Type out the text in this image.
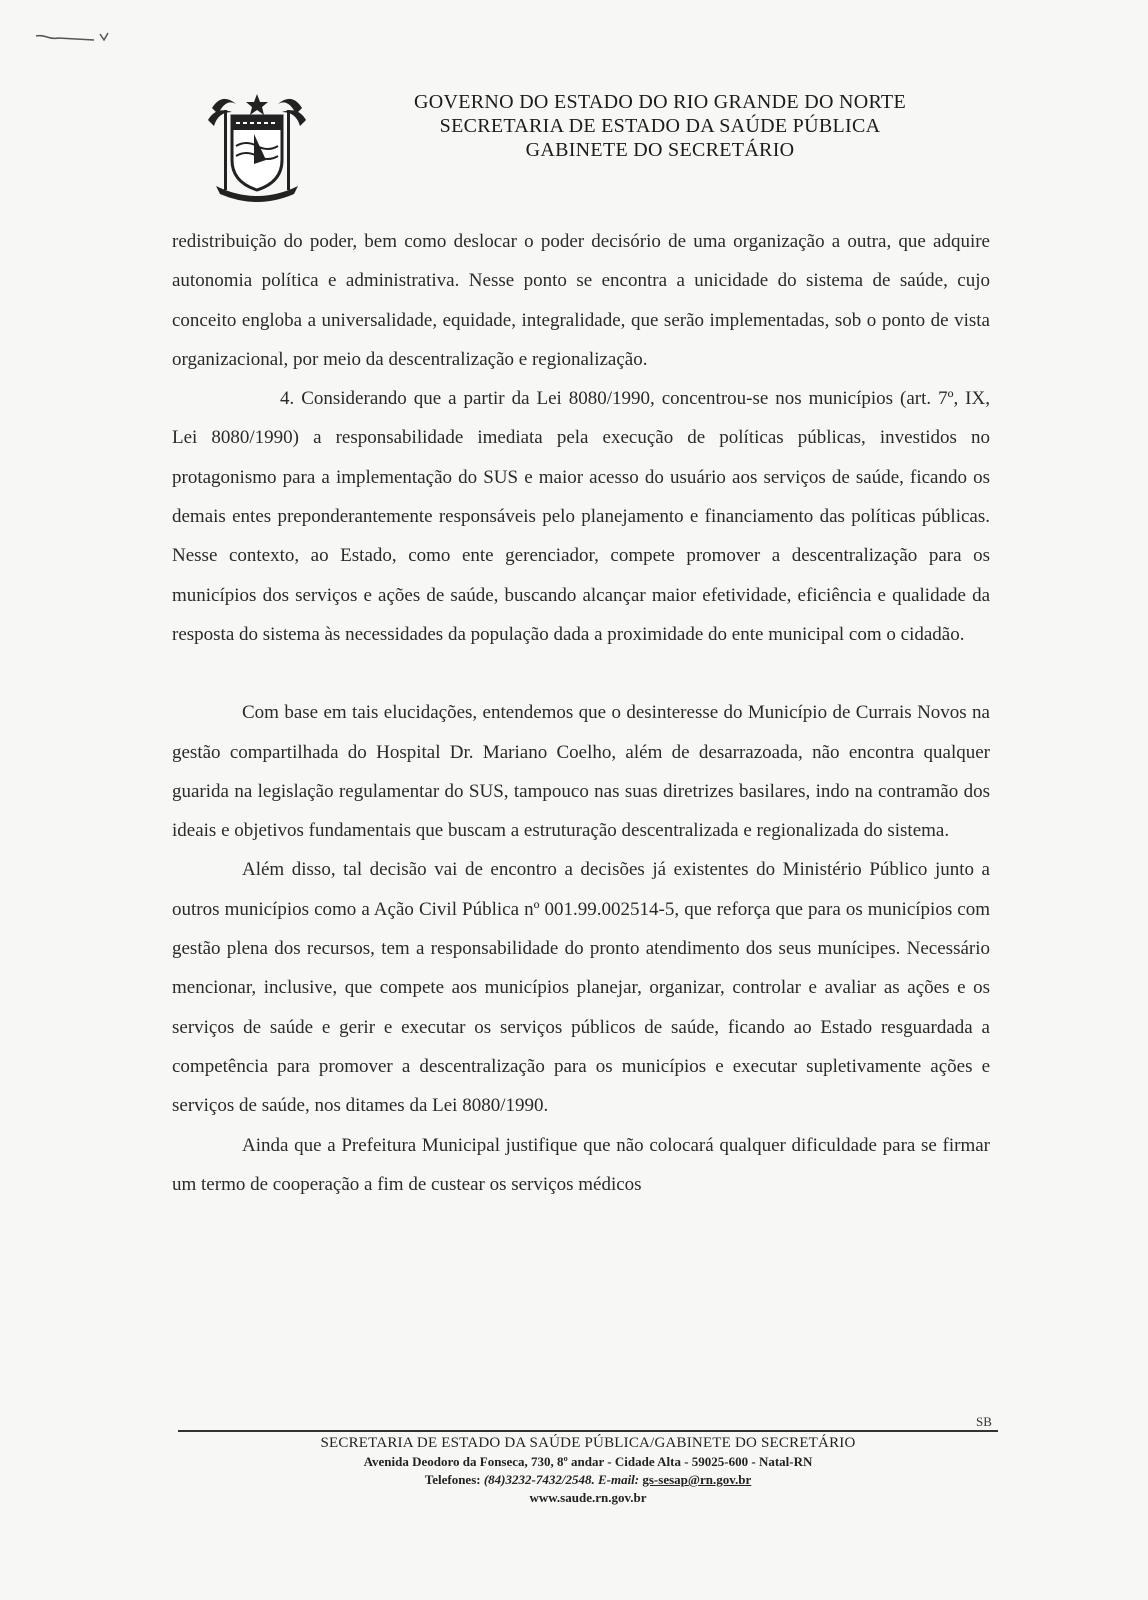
GOVERNO DO ESTADO DO RIO GRANDE DO NORTE
SECRETARIA DE ESTADO DA SAÚDE PÚBLICA
GABINETE DO SECRETÁRIO

redistribuição do poder, bem como deslocar o poder decisório de uma organização a outra, que adquire autonomia política e administrativa. Nesse ponto se encontra a unicidade do sistema de saúde, cujo conceito engloba a universalidade, equidade, integralidade, que serão implementadas, sob o ponto de vista organizacional, por meio da descentralização e regionalização.

4. Considerando que a partir da Lei 8080/1990, concentrou-se nos municípios (art. 7º, IX, Lei 8080/1990) a responsabilidade imediata pela execução de políticas públicas, investidos no protagonismo para a implementação do SUS e maior acesso do usuário aos serviços de saúde, ficando os demais entes preponderantemente responsáveis pelo planejamento e financiamento das políticas públicas. Nesse contexto, ao Estado, como ente gerenciador, compete promover a descentralização para os municípios dos serviços e ações de saúde, buscando alcançar maior efetividade, eficiência e qualidade da resposta do sistema às necessidades da população dada a proximidade do ente municipal com o cidadão.

Com base em tais elucidações, entendemos que o desinteresse do Município de Currais Novos na gestão compartilhada do Hospital Dr. Mariano Coelho, além de desarrazoada, não encontra qualquer guarida na legislação regulamentar do SUS, tampouco nas suas diretrizes basilares, indo na contramão dos ideais e objetivos fundamentais que buscam a estruturação descentralizada e regionalizada do sistema.

Além disso, tal decisão vai de encontro a decisões já existentes do Ministério Público junto a outros municípios como a Ação Civil Pública nº 001.99.002514-5, que reforça que para os municípios com gestão plena dos recursos, tem a responsabilidade do pronto atendimento dos seus munícipes. Necessário mencionar, inclusive, que compete aos municípios planejar, organizar, controlar e avaliar as ações e os serviços de saúde e gerir e executar os serviços públicos de saúde, ficando ao Estado resguardada a competência para promover a descentralização para os municípios e executar supletivamente ações e serviços de saúde, nos ditames da Lei 8080/1990.

Ainda que a Prefeitura Municipal justifique que não colocará qualquer dificuldade para se firmar um termo de cooperação a fim de custear os serviços médicos

SB
SECRETARIA DE ESTADO DA SAÚDE PÚBLICA/GABINETE DO SECRETÁRIO
Avenida Deodoro da Fonseca, 730, 8º andar - Cidade Alta - 59025-600 - Natal-RN
Telefones: (84)3232-7432/2548. E-mail: gs-sesap@rn.gov.br
www.saude.rn.gov.br
